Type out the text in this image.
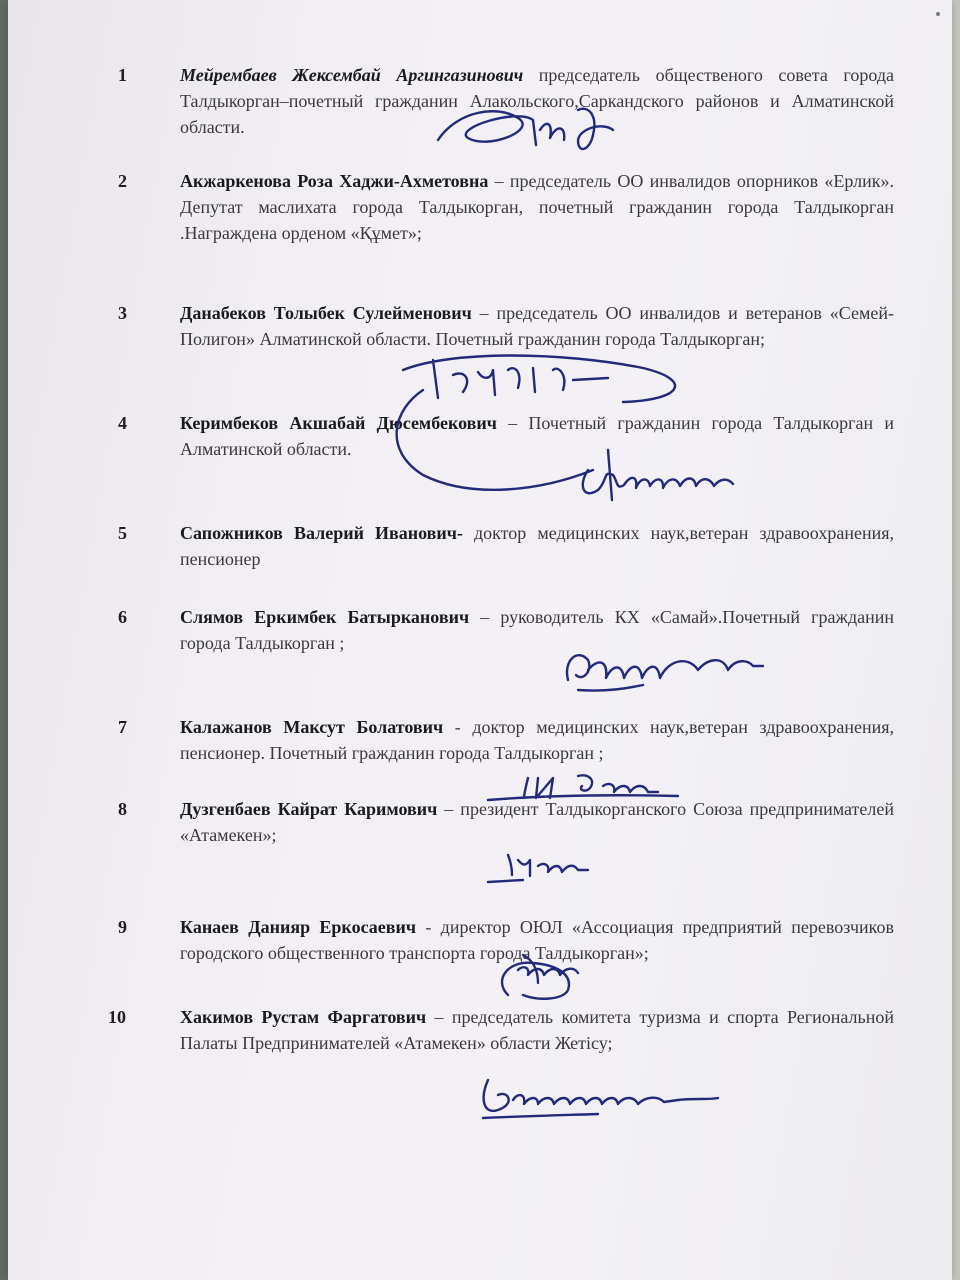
1	Мейрембаев Жексембай Аргингазинович председатель общественого совета города Талдыкорган–почетный гражданин Алакольского,Саркандского районов и Алматинской области.

2	Акжаркенова Роза Хаджи-Ахметовна – председатель ОО инвалидов опорников «Ерлик». Депутат маслихата города Талдыкорган, почетный гражданин города Талдыкорган .Награждена орденом «Құмет»;

3	Данабеков Толыбек Сулейменович – председатель ОО инвалидов и ветеранов «Семей-Полигон» Алматинской области. Почетный гражданин города Талдыкорган;

4	Керимбеков Акшабай Дюсембекович – Почетный гражданин города Талдыкорган и Алматинской области.

5	Сапожников Валерий Иванович- доктор медицинских наук,ветеран здравоохранения, пенсионер

6	Слямов Еркимбек Батырканович – руководитель КХ «Самай».Почетный гражданин города Талдыкорган ;

7	Калажанов Максут Болатович - доктор медицинских наук,ветеран здравоохранения, пенсионер. Почетный гражданин города Талдыкорган ;

8	Дузгенбаев Кайрат Каримович – президент Талдыкорганского Союза предпринимателей «Атамекен»;

9	Канаев Данияр Еркосаевич - директор ОЮЛ «Ассоциация предприятий перевозчиков городского общественного транспорта города Талдыкорган»;

10	Хакимов Рустам Фаргатович – председатель комитета туризма и спорта Региональной Палаты Предпринимателей «Атамекен» области Жетісу;
